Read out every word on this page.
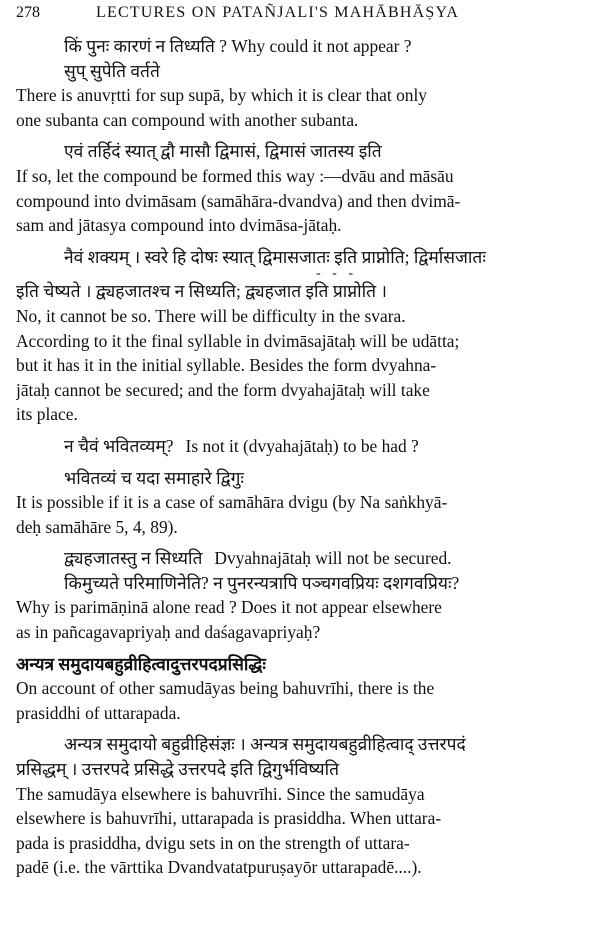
278	LECTURES ON PATAÑJALI'S MAHĀBHĀṢYA
किं पुनः कारणं न तिध्यति ? Why could it not appear ?
सुप् सुपेति वर्तते
There is anuvṛtti for sup supā, by which it is clear that only
one subanta can compound with another subanta.
एवं तर्हिदं स्यात् द्वौ मासौ द्विमासं, द्विमासं जातस्य इति
If so, let the compound be formed this way :—dvāu and māsāu
compound into dvimāsam (samāhāra-dvandva) and then dvimā-
sam and jātasya compound into dvimāsa-jātaḥ.
नैवं शक्यम् । स्वरे हि दोषः स्यात् द्विमासजातः इति प्राप्नोति; द्विर्मासजातः
- - -
इति चेष्यते । द्व्यहजातश्च न सिध्यति; द्व्यहजात इति प्राप्नोति ।
No, it cannot be so. There will be difficulty in the svara.
According to it the final syllable in dvimāsajātaḥ will be udātta;
but it has it in the initial syllable. Besides the form dvyahna-
jātaḥ cannot be secured; and the form dvyahajātaḥ will take
its place.
न चैवं भवितव्यम्? Is not it (dvyahajātaḥ) to be had ?
भवितव्यं च यदा समाहारे द्विगुः
It is possible if it is a case of samāhāra dvigu (by Na saṅkhyā-
deḥ samāhāre 5, 4, 89).
द्व्यहजातस्तु न सिध्यति Dvyahnajātaḥ will not be secured.
किमुच्यते परिमाणिनेति? न पुनरन्यत्रापि पञ्चगवप्रियः दशगवप्रियः?
Why is parimāṇinā alone read ? Does it not appear elsewhere
as in pañcagavapriyaḥ and daśagavapriyaḥ?
अन्यत्र समुदायबहुव्रीहित्वादुत्तरपदप्रसिद्धिः
On account of other samudāyas being bahuvrīhi, there is the
prasiddhi of uttarapada.
अन्यत्र समुदायो बहुव्रीहिसंज्ञः । अन्यत्र समुदायबहुव्रीहित्वाद् उत्तरपदं
प्रसिद्धम् । उत्तरपदे प्रसिद्धे उत्तरपदे इति द्विगुर्भविष्यति
The samudāya elsewhere is bahuvrīhi. Since the samudāya
elsewhere is bahuvrīhi, uttarapada is prasiddha. When uttara-
pada is prasiddha, dvigu sets in on the strength of uttara-
padē (i.e. the vārttika Dvandvatatpuruṣayōr uttarapadē....).
